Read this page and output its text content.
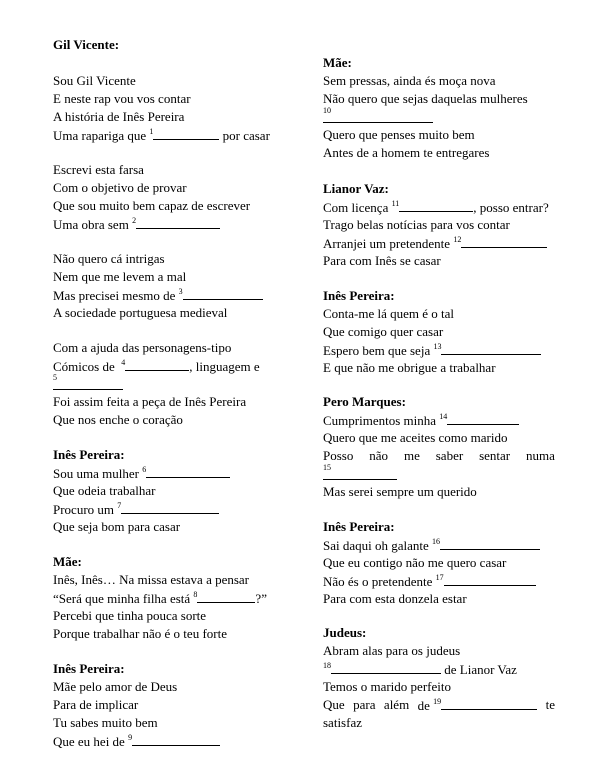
Gil Vicente:
Sou Gil Vicente
E neste rap vou vos contar
A história de Inês Pereira
Uma rapariga que $^1$	por casar
Escrevi esta farsa
Com o objetivo de provar
Que sou muito bem capaz de escrever
Uma obra sem $^2$
Não quero cá intrigas
Nem que me levem a mal
Mas precisei mesmo de $^3$
A sociedade portuguesa medieval
Com a ajuda das personagens-tipo
Cómicos de $^4$	, linguagem e
5
Foi assim feita a peça de Inês Pereira
Que nos enche o coração
Inês Pereira:
Sou uma mulher $^6$
Que odeia trabalhar
Procuro um $^7$
Que seja bom para casar
Mãe:
Inês, Inês… Na missa estava a pensar
“Será que minha filha está $^8$	?”
Percebi que tinha pouca sorte
Porque trabalhar não é o teu forte
Inês Pereira:
Mãe pelo amor de Deus
Para de implicar
Tu sabes muito bem
Que eu hei de $^9$
Mãe:
Sem pressas, ainda és moça nova
Não quero que sejas daquelas mulheres
10
Quero que penses muito bem
Antes de a homem te entregares
Lianor Vaz:
Com licença $^{11}$	, posso entrar?
Trago belas notícias para vos contar
Arranjei um pretendente $^{12}$
Para com Inês se casar
Inês Pereira:
Conta-me lá quem é o tal
Que comigo quer casar
Espero bem que seja $^{13}$
E que não me obrigue a trabalhar
Pero Marques:
Cumprimentos minha $^{14}$
Quero que me aceites como marido
Posso não me saber sentar numa
15
Mas serei sempre um querido
Inês Pereira:
Sai daqui oh galante $^{16}$
Que eu contigo não me quero casar
Não és o pretendente $^{17}$
Para com esta donzela estar
Judeus:
Abram alas para os judeus
$^{18}$	de Lianor Vaz
Temos o marido perfeito
Que para além de $^{19}$	te
satisfaz
